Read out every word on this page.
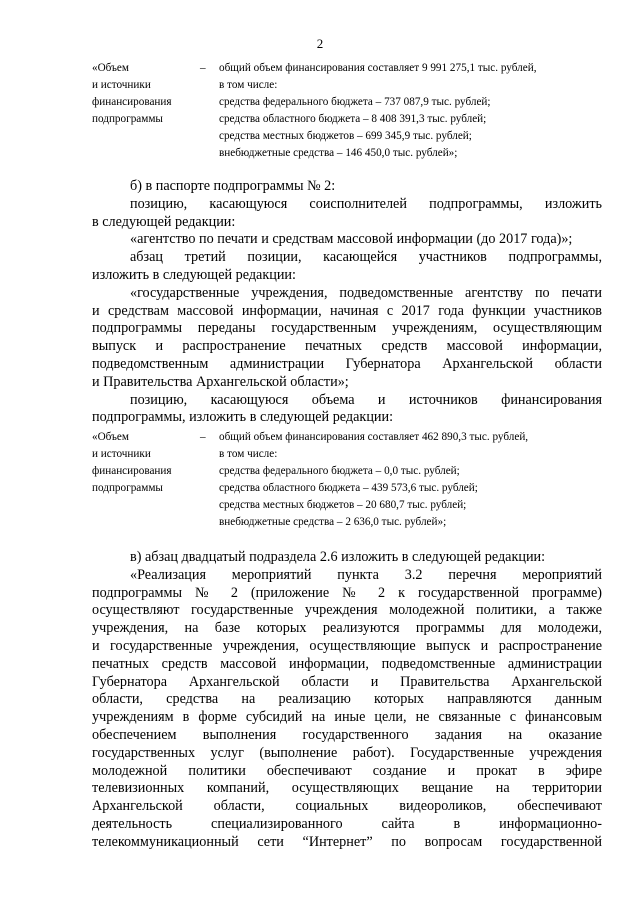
2
«Объем
и источники
финансирования
подпрограммы
– общий объем финансирования составляет 9 991 275,1 тыс. рублей,
в том числе:
средства федерального бюджета – 737 087,9 тыс. рублей;
средства областного бюджета – 8 408 391,3 тыс. рублей;
средства местных бюджетов – 699 345,9 тыс. рублей;
внебюджетные средства – 146 450,0 тыс. рублей»;

б) в паспорте подпрограммы № 2:

позицию, касающуюся соисполнителей подпрограммы, изложить

в следующей редакции:

«агентство по печати и средствам массовой информации (до 2017 года)»;

абзац третий позиции, касающейся участников подпрограммы,

изложить в следующей редакции:

«государственные учреждения, подведомственные агентству по печати

и средствам массовой информации, начиная с 2017 года функции участников

подпрограммы переданы государственным учреждениям, осуществляющим

выпуск и распространение печатных средств массовой информации,

подведомственным администрации Губернатора Архангельской области

и Правительства Архангельской области»;

позицию, касающуюся объема и источников финансирования

подпрограммы, изложить в следующей редакции:

«Объем
и источники
финансирования
подпрограммы
– общий объем финансирования составляет 462 890,3 тыс. рублей,
в том числе:
средства федерального бюджета – 0,0 тыс. рублей;
средства областного бюджета – 439 573,6 тыс. рублей;
средства местных бюджетов – 20 680,7 тыс. рублей;
внебюджетные средства – 2 636,0 тыс. рублей»;

в) абзац двадцатый подраздела 2.6 изложить в следующей редакции:

«Реализация мероприятий пункта 3.2 перечня мероприятий

подпрограммы № 2 (приложение № 2 к государственной программе)

осуществляют государственные учреждения молодежной политики, а также

учреждения, на базе которых реализуются программы для молодежи,

и государственные учреждения, осуществляющие выпуск и распространение

печатных средств массовой информации, подведомственные администрации

Губернатора Архангельской области и Правительства Архангельской

области, средства на реализацию которых направляются данным

учреждениям в форме субсидий на иные цели, не связанные с финансовым

обеспечением выполнения государственного задания на оказание

государственных услуг (выполнение работ). Государственные учреждения

молодежной политики обеспечивают создание и прокат в эфире

телевизионных компаний, осуществляющих вещание на территории

Архангельской области, социальных видеороликов, обеспечивают

деятельность специализированного сайта в информационно-

телекоммуникационный сети “Интернет” по вопросам государственной
